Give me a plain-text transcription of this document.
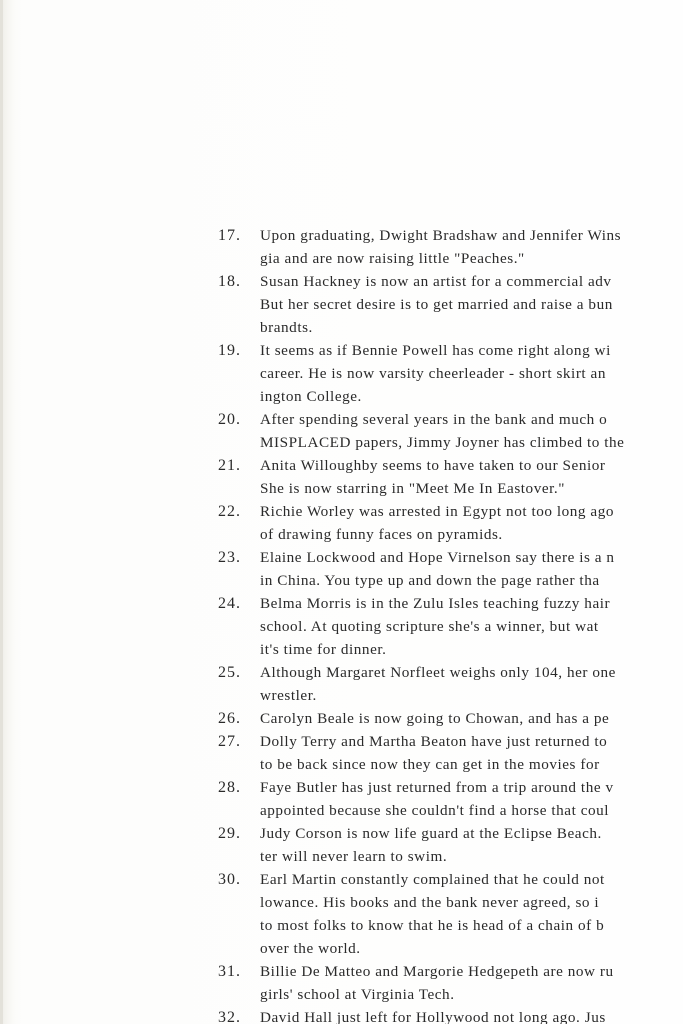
17.	Upon graduating, Dwight Bradshaw and Jennifer Wins
gia and are now raising little "Peaches."
18.	Susan Hackney is now an artist for a commercial adv
But her secret desire is to get married and raise a bun
brandts.
19.	It seems as if Bennie Powell has come right along wi
career. He is now varsity cheerleader - short skirt an
ington College.
20.	After spending several years in the bank and much o
MISPLACED papers, Jimmy Joyner has climbed to the
21.	Anita Willoughby seems to have taken to our Senior
She is now starring in "Meet Me In Eastover."
22.	Richie Worley was arrested in Egypt not too long ago
of drawing funny faces on pyramids.
23.	Elaine Lockwood and Hope Virnelson say there is a n
in China. You type up and down the page rather tha
24.	Belma Morris is in the Zulu Isles teaching fuzzy hair
school. At quoting scripture she's a winner, but wat
it's time for dinner.
25.	Although Margaret Norfleet weighs only 104, her one
wrestler.
26.	Carolyn Beale is now going to Chowan, and has a pe
27.	Dolly Terry and Martha Beaton have just returned to
to be back since now they can get in the movies for
28.	Faye Butler has just returned from a trip around the v
appointed because she couldn't find a horse that coul
29.	Judy Corson is now life guard at the Eclipse Beach.
ter will never learn to swim.
30.	Earl Martin constantly complained that he could not
lowance. His books and the bank never agreed, so i
to most folks to know that he is head of a chain of b
over the world.
31.	Billie De Matteo and Margorie Hedgepeth are now ru
girls' school at Virginia Tech.
32.	David Hall just left for Hollywood not long ago. Jus
